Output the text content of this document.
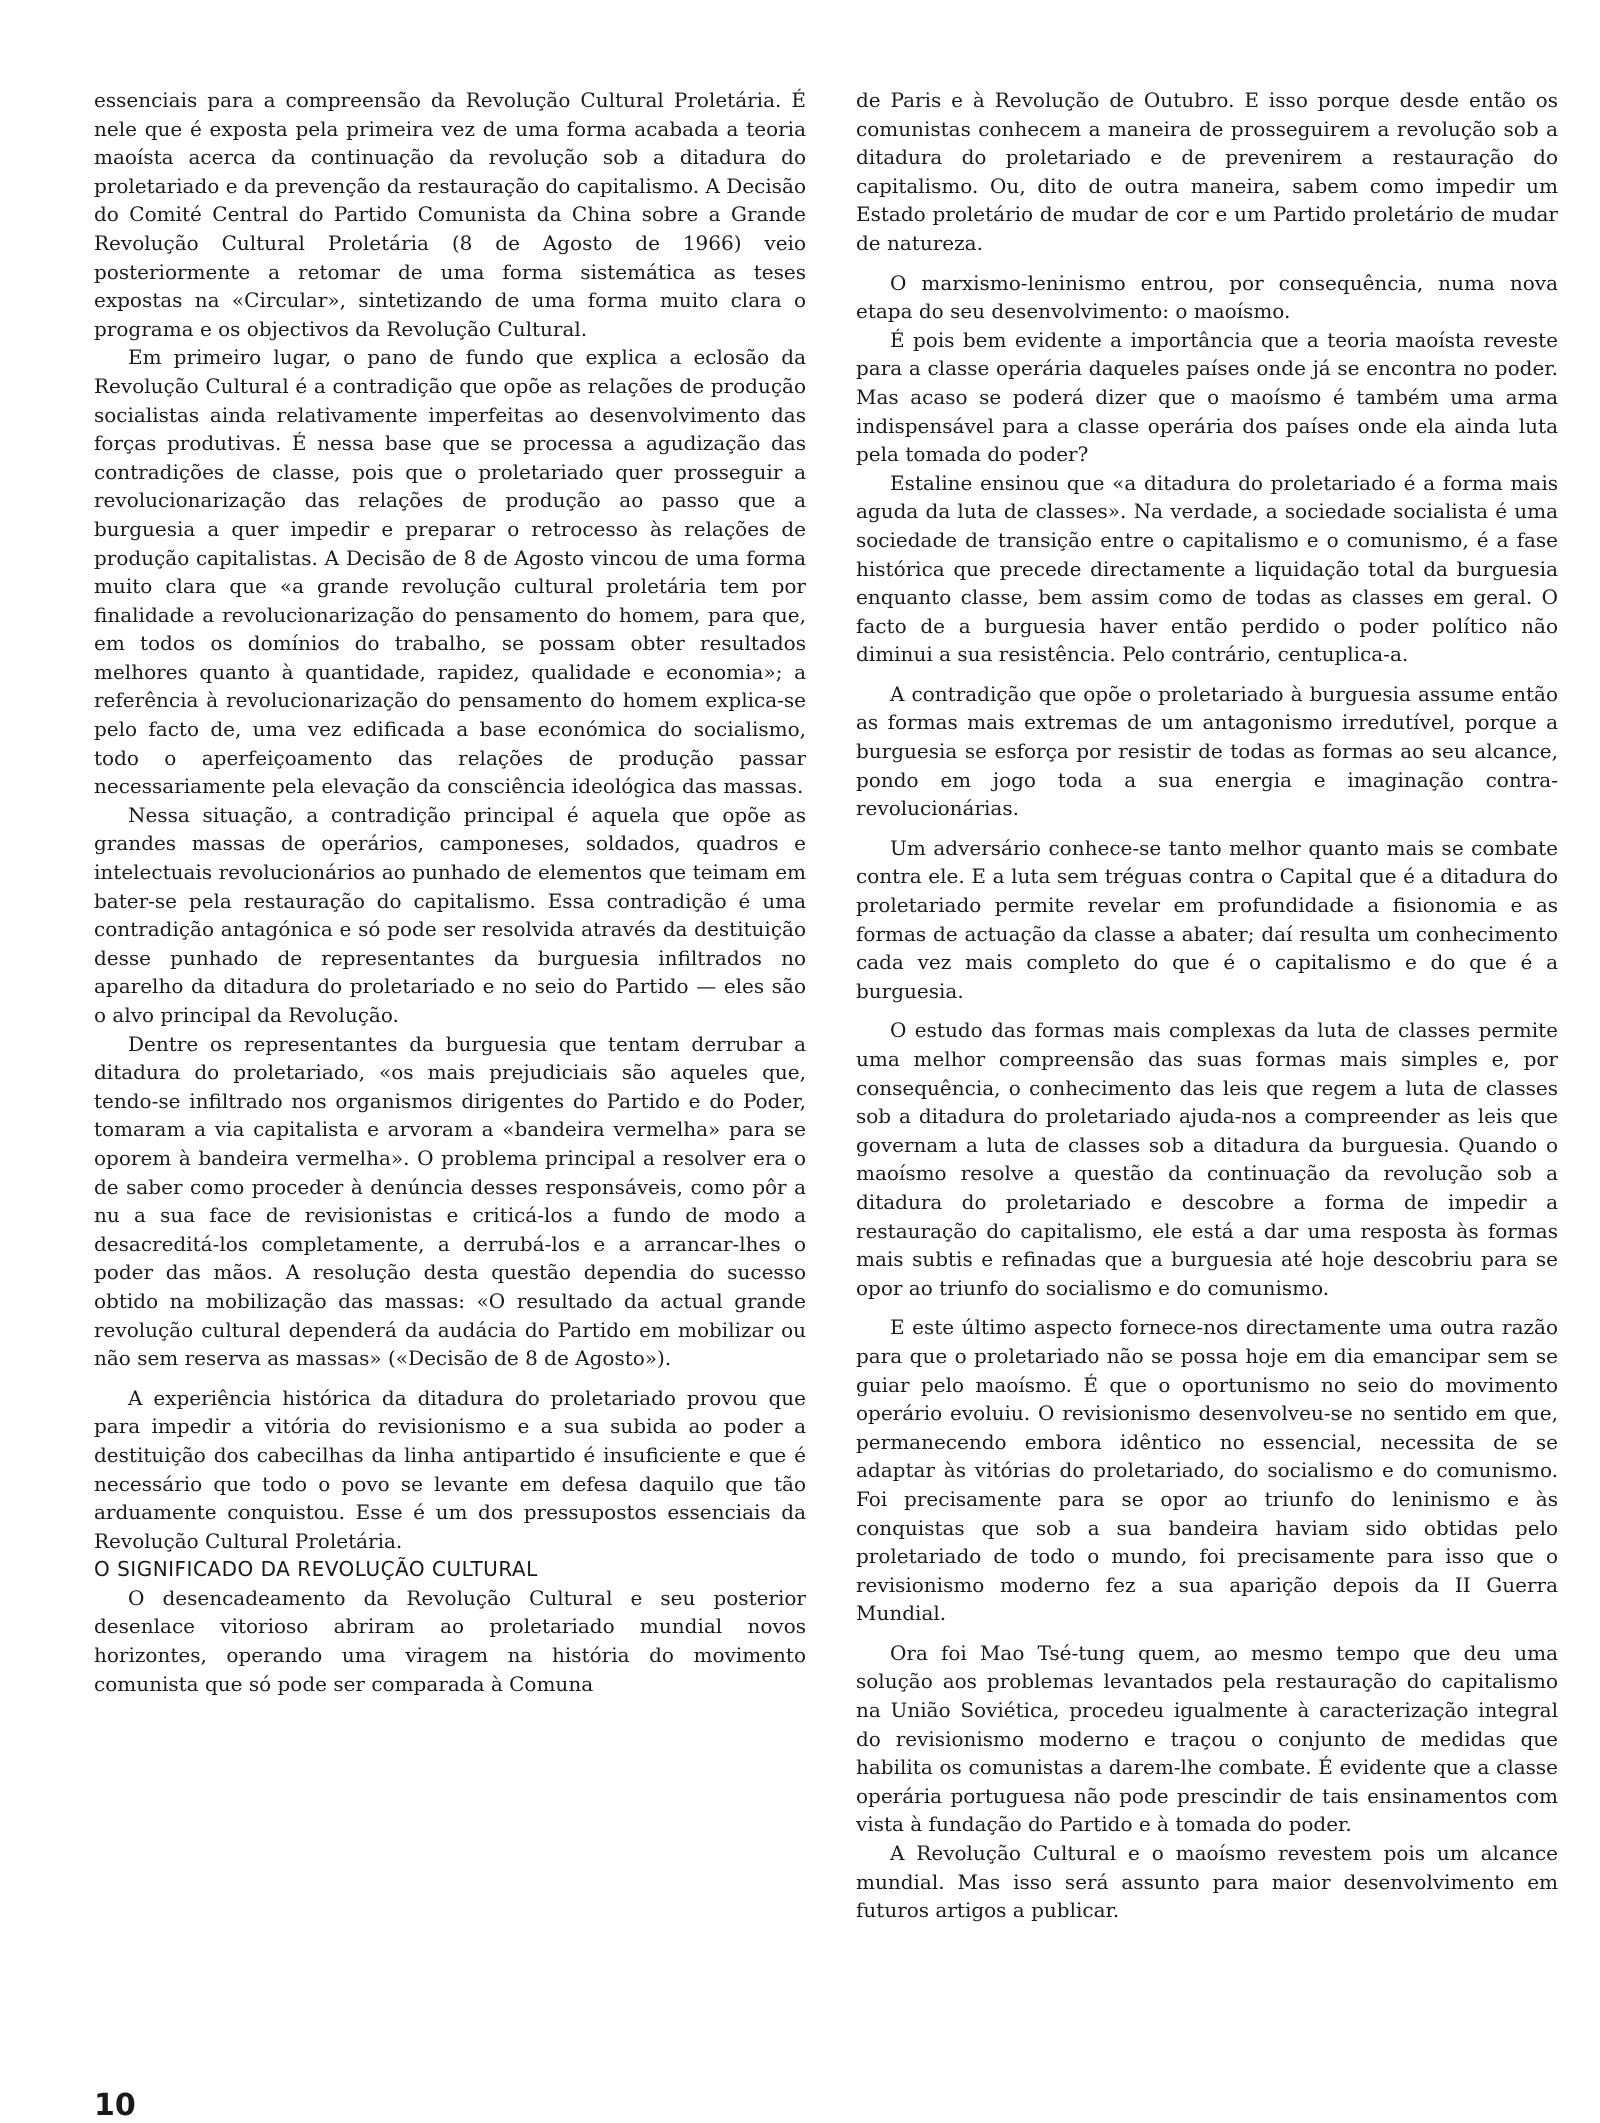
essenciais para a compreensão da Revolução Cultural Proletária. É nele que é exposta pela primeira vez de uma forma acabada a teoria maoísta acerca da continuação da revolução sob a ditadura do proletariado e da prevenção da restauração do capitalismo. A Decisão do Comité Central do Partido Comunista da China sobre a Grande Revolução Cultural Proletária (8 de Agosto de 1966) veio posteriormente a retomar de uma forma sistemática as teses expostas na «Circular», sintetizando de uma forma muito clara o programa e os objectivos da Revolução Cultural.

Em primeiro lugar, o pano de fundo que explica a eclosão da Revolução Cultural é a contradição que opõe as relações de produção socialistas ainda relativamente imperfeitas ao desenvolvimento das forças produtivas. É nessa base que se processa a agudização das contradições de classe, pois que o proletariado quer prosseguir a revolucionarização das relações de produção ao passo que a burguesia a quer impedir e preparar o retrocesso às relações de produção capitalistas. A Decisão de 8 de Agosto vincou de uma forma muito clara que «a grande revolução cultural proletária tem por finalidade a revolucionarização do pensamento do homem, para que, em todos os domínios do trabalho, se possam obter resultados melhores quanto à quantidade, rapidez, qualidade e economia»; a referência à revolucionarização do pensamento do homem explica-se pelo facto de, uma vez edificada a base económica do socialismo, todo o aperfeiçoamento das relações de produção passar necessariamente pela elevação da consciência ideológica das massas.

Nessa situação, a contradição principal é aquela que opõe as grandes massas de operários, camponeses, soldados, quadros e intelectuais revolucionários ao punhado de elementos que teimam em bater-se pela restauração do capitalismo. Essa contradição é uma contradição antagónica e só pode ser resolvida através da destituição desse punhado de representantes da burguesia infiltrados no aparelho da ditadura do proletariado e no seio do Partido — eles são o alvo principal da Revolução.

Dentre os representantes da burguesia que tentam derrubar a ditadura do proletariado, «os mais prejudiciais são aqueles que, tendo-se infiltrado nos organismos dirigentes do Partido e do Poder, tomaram a via capitalista e arvoram a «bandeira vermelha» para se oporem à bandeira vermelha». O problema principal a resolver era o de saber como proceder à denúncia desses responsáveis, como pôr a nu a sua face de revisionistas e criticá-los a fundo de modo a desacreditá-los completamente, a derrubá-los e a arrancar-lhes o poder das mãos. A resolução desta questão dependia do sucesso obtido na mobilização das massas: «O resultado da actual grande revolução cultural dependerá da audácia do Partido em mobilizar ou não sem reserva as massas» («Decisão de 8 de Agosto»).

A experiência histórica da ditadura do proletariado provou que para impedir a vitória do revisionismo e a sua subida ao poder a destituição dos cabecilhas da linha antipartido é insuficiente e que é necessário que todo o povo se levante em defesa daquilo que tão arduamente conquistou. Esse é um dos pressupostos essenciais da Revolução Cultural Proletária.

O SIGNIFICADO DA REVOLUÇÃO CULTURAL

O desencadeamento da Revolução Cultural e seu posterior desenlace vitorioso abriram ao proletariado mundial novos horizontes, operando uma viragem na história do movimento comunista que só pode ser comparada à Comuna

de Paris e à Revolução de Outubro. E isso porque desde então os comunistas conhecem a maneira de prosseguirem a revolução sob a ditadura do proletariado e de prevenirem a restauração do capitalismo. Ou, dito de outra maneira, sabem como impedir um Estado proletário de mudar de cor e um Partido proletário de mudar de natureza.

O marxismo-leninismo entrou, por consequência, numa nova etapa do seu desenvolvimento: o maoísmo.

É pois bem evidente a importância que a teoria maoísta reveste para a classe operária daqueles países onde já se encontra no poder. Mas acaso se poderá dizer que o maoísmo é também uma arma indispensável para a classe operária dos países onde ela ainda luta pela tomada do poder?

Estaline ensinou que «a ditadura do proletariado é a forma mais aguda da luta de classes». Na verdade, a sociedade socialista é uma sociedade de transição entre o capitalismo e o comunismo, é a fase histórica que precede directamente a liquidação total da burguesia enquanto classe, bem assim como de todas as classes em geral. O facto de a burguesia haver então perdido o poder político não diminui a sua resistência. Pelo contrário, centuplica-a.

A contradição que opõe o proletariado à burguesia assume então as formas mais extremas de um antagonismo irredutível, porque a burguesia se esforça por resistir de todas as formas ao seu alcance, pondo em jogo toda a sua energia e imaginação contra-revolucionárias.

Um adversário conhece-se tanto melhor quanto mais se combate contra ele. E a luta sem tréguas contra o Capital que é a ditadura do proletariado permite revelar em profundidade a fisionomia e as formas de actuação da classe a abater; daí resulta um conhecimento cada vez mais completo do que é o capitalismo e do que é a burguesia.

O estudo das formas mais complexas da luta de classes permite uma melhor compreensão das suas formas mais simples e, por consequência, o conhecimento das leis que regem a luta de classes sob a ditadura do proletariado ajuda-nos a compreender as leis que governam a luta de classes sob a ditadura da burguesia. Quando o maoísmo resolve a questão da continuação da revolução sob a ditadura do proletariado e descobre a forma de impedir a restauração do capitalismo, ele está a dar uma resposta às formas mais subtis e refinadas que a burguesia até hoje descobriu para se opor ao triunfo do socialismo e do comunismo.

E este último aspecto fornece-nos directamente uma outra razão para que o proletariado não se possa hoje em dia emancipar sem se guiar pelo maoísmo. É que o oportunismo no seio do movimento operário evoluiu. O revisionismo desenvolveu-se no sentido em que, permanecendo embora idêntico no essencial, necessita de se adaptar às vitórias do proletariado, do socialismo e do comunismo. Foi precisamente para se opor ao triunfo do leninismo e às conquistas que sob a sua bandeira haviam sido obtidas pelo proletariado de todo o mundo, foi precisamente para isso que o revisionismo moderno fez a sua aparição depois da II Guerra Mundial.

Ora foi Mao Tsé-tung quem, ao mesmo tempo que deu uma solução aos problemas levantados pela restauração do capitalismo na União Soviética, procedeu igualmente à caracterização integral do revisionismo moderno e traçou o conjunto de medidas que habilita os comunistas a darem-lhe combate. É evidente que a classe operária portuguesa não pode prescindir de tais ensinamentos com vista à fundação do Partido e à tomada do poder.

A Revolução Cultural e o maoísmo revestem pois um alcance mundial. Mas isso será assunto para maior desenvolvimento em futuros artigos a publicar.

10
